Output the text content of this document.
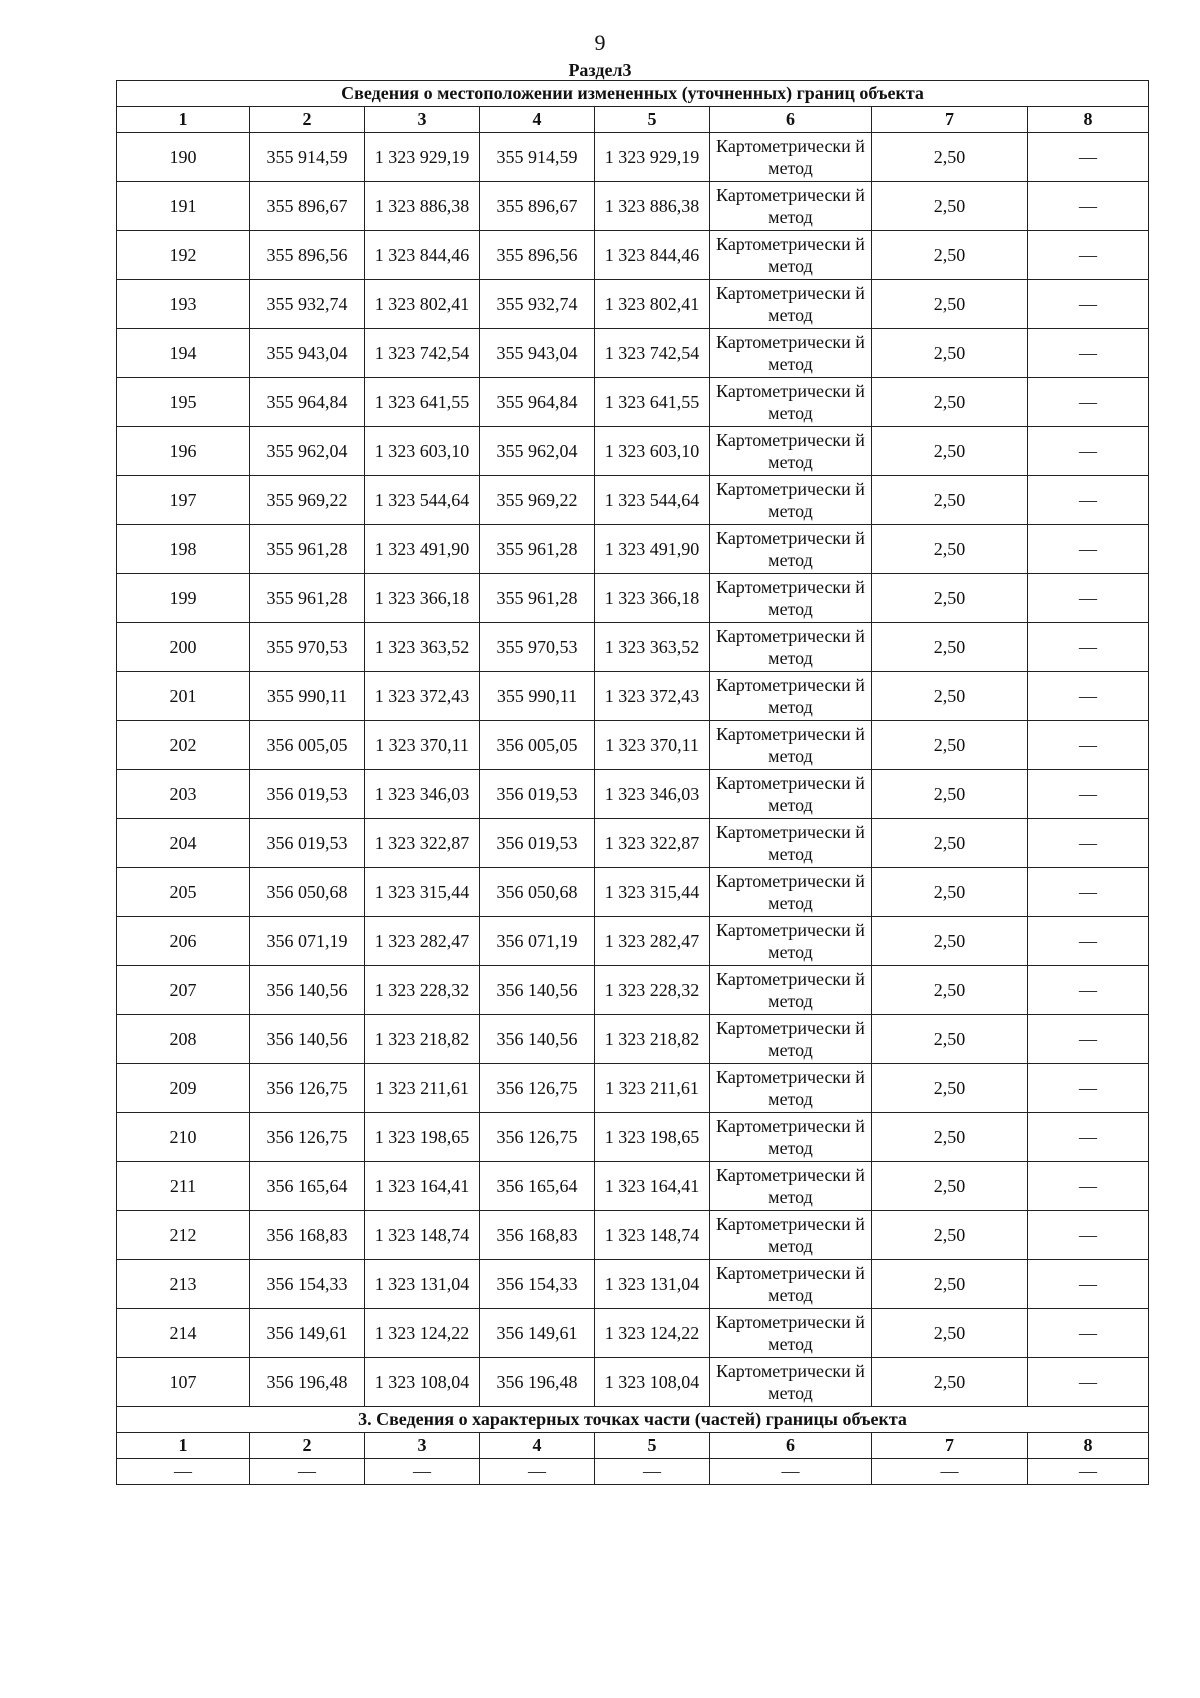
9
Раздел3
Сведения о местоположении измененных (уточненных) границ объекта							
1	2	3	4	5	6	7	8
190	355 914,59	1 323 929,19	355 914,59	1 323 929,19	Картометрически й метод	2,50	—
191	355 896,67	1 323 886,38	355 896,67	1 323 886,38	Картометрически й метод	2,50	—
192	355 896,56	1 323 844,46	355 896,56	1 323 844,46	Картометрически й метод	2,50	—
193	355 932,74	1 323 802,41	355 932,74	1 323 802,41	Картометрически й метод	2,50	—
194	355 943,04	1 323 742,54	355 943,04	1 323 742,54	Картометрически й метод	2,50	—
195	355 964,84	1 323 641,55	355 964,84	1 323 641,55	Картометрически й метод	2,50	—
196	355 962,04	1 323 603,10	355 962,04	1 323 603,10	Картометрически й метод	2,50	—
197	355 969,22	1 323 544,64	355 969,22	1 323 544,64	Картометрически й метод	2,50	—
198	355 961,28	1 323 491,90	355 961,28	1 323 491,90	Картометрически й метод	2,50	—
199	355 961,28	1 323 366,18	355 961,28	1 323 366,18	Картометрически й метод	2,50	—
200	355 970,53	1 323 363,52	355 970,53	1 323 363,52	Картометрически й метод	2,50	—
201	355 990,11	1 323 372,43	355 990,11	1 323 372,43	Картометрически й метод	2,50	—
202	356 005,05	1 323 370,11	356 005,05	1 323 370,11	Картометрически й метод	2,50	—
203	356 019,53	1 323 346,03	356 019,53	1 323 346,03	Картометрически й метод	2,50	—
204	356 019,53	1 323 322,87	356 019,53	1 323 322,87	Картометрически й метод	2,50	—
205	356 050,68	1 323 315,44	356 050,68	1 323 315,44	Картометрически й метод	2,50	—
206	356 071,19	1 323 282,47	356 071,19	1 323 282,47	Картометрически й метод	2,50	—
207	356 140,56	1 323 228,32	356 140,56	1 323 228,32	Картометрически й метод	2,50	—
208	356 140,56	1 323 218,82	356 140,56	1 323 218,82	Картометрически й метод	2,50	—
209	356 126,75	1 323 211,61	356 126,75	1 323 211,61	Картометрически й метод	2,50	—
210	356 126,75	1 323 198,65	356 126,75	1 323 198,65	Картометрически й метод	2,50	—
211	356 165,64	1 323 164,41	356 165,64	1 323 164,41	Картометрически й метод	2,50	—
212	356 168,83	1 323 148,74	356 168,83	1 323 148,74	Картометрически й метод	2,50	—
213	356 154,33	1 323 131,04	356 154,33	1 323 131,04	Картометрически й метод	2,50	—
214	356 149,61	1 323 124,22	356 149,61	1 323 124,22	Картометрически й метод	2,50	—
107	356 196,48	1 323 108,04	356 196,48	1 323 108,04	Картометрически й метод	2,50	—
3. Сведения о характерных точках части (частей) границы объекта							
1	2	3	4	5	6	7	8
—	—	—	—	—	—	—	—
